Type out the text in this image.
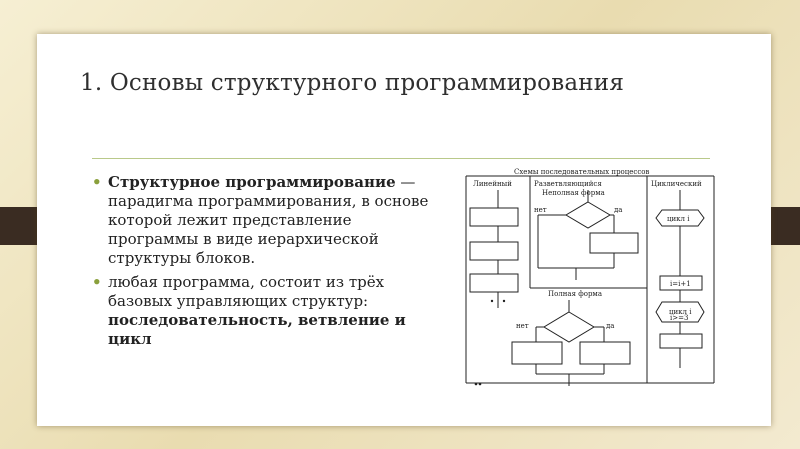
1. Основы структурного программирования
• Структурное программирование — парадигма программирования, в основе которой лежит представление программы в виде иерархической структуры блоков.
• любая программа, состоит из трёх базовых управляющих структур: последовательность, ветвление и цикл
Схемы последовательных процессов
Линейный	Разветвляющийся
Неполная форма
Циклический
нет	да
Полная форма
нет	да
цикл i
i=i+1
цикл i
i>=3
